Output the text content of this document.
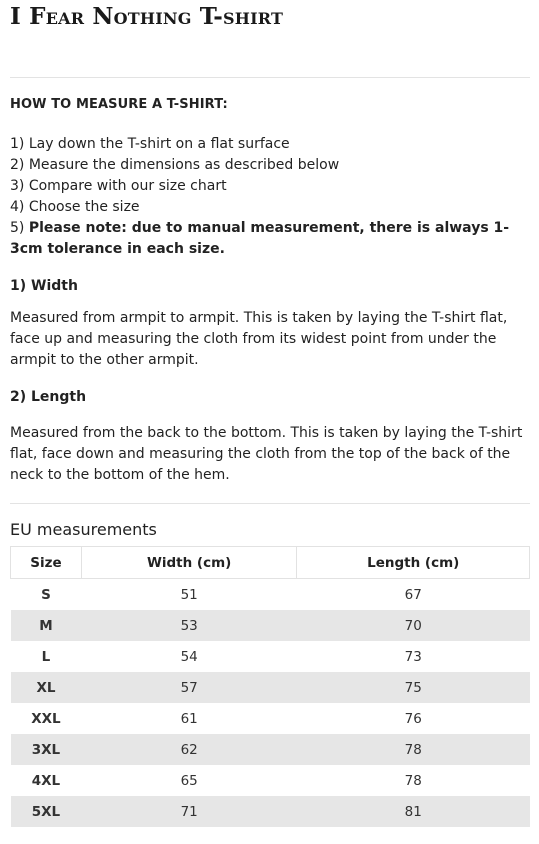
I Fear Nothing T-shirt
HOW TO MEASURE A T-SHIRT:
1) Lay down the T-shirt on a flat surface
2) Measure the dimensions as described below
3) Compare with our size chart
4) Choose the size
5) Please note: due to manual measurement, there is always 1-3cm tolerance in each size.
1) Width
Measured from armpit to armpit. This is taken by laying the T-shirt flat, face up and measuring the cloth from its widest point from under the armpit to the other armpit.
2) Length
Measured from the back to the bottom. This is taken by laying the T-shirt flat, face down and measuring the cloth from the top of the back of the neck to the bottom of the hem.
EU measurements
Size	Width (cm)	Length (cm)
S	51	67
M	53	70
L	54	73
XL	57	75
XXL	61	76
3XL	62	78
4XL	65	78
5XL	71	81
